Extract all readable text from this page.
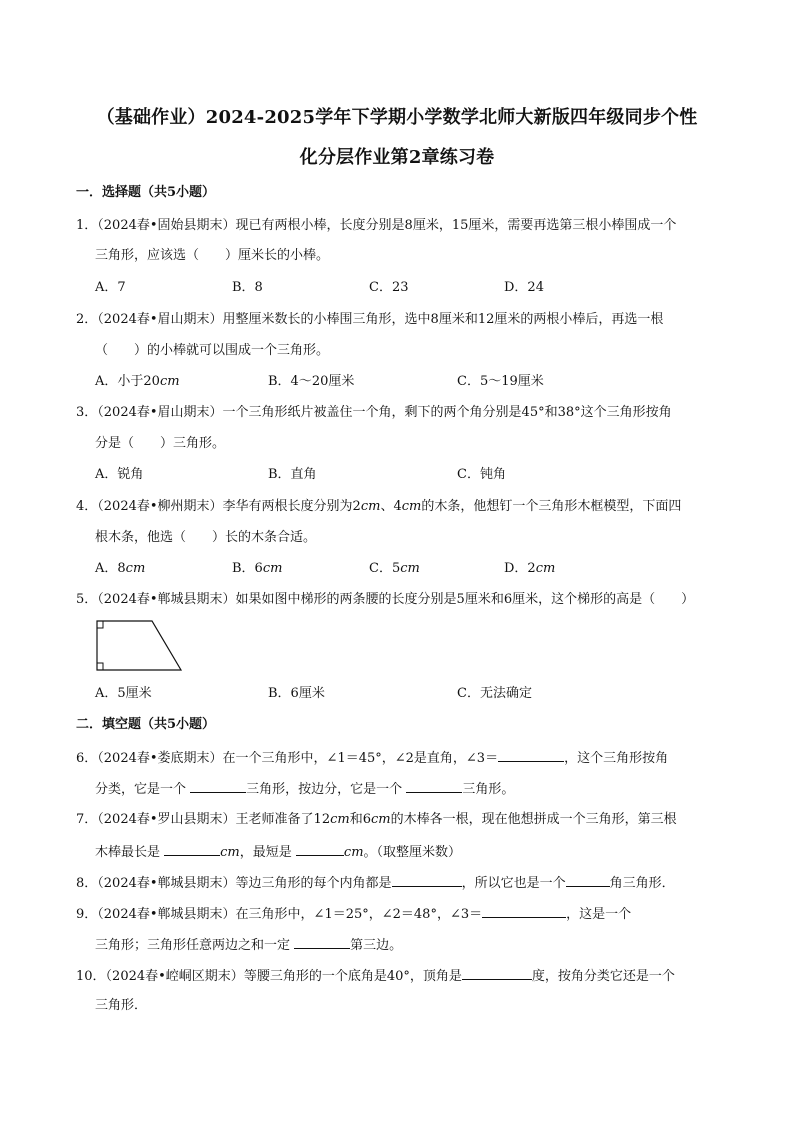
（基础作业）2024-2025学年下学期小学数学北师大新版四年级同步个性
化分层作业第2章练习卷
一．选择题（共5小题）
1．（2024春•固始县期末）现已有两根小棒，长度分别是8厘米，15厘米，需要再选第三根小棒围成一个
三角形，应该选（ ）厘米长的小棒。
A．7	B．8	C．23	D．24
2．（2024春•眉山期末）用整厘米数长的小棒围三角形，选中8厘米和12厘米的两根小棒后，再选一根
（ ）的小棒就可以围成一个三角形。
A．小于20cm	B．4～20厘米	C．5～19厘米
3．（2024春•眉山期末）一个三角形纸片被盖住一个角，剩下的两个角分别是45°和38°这个三角形按角
分是（ ）三角形。
A．锐角	B．直角	C．钝角
4．（2024春•柳州期末）李华有两根长度分别为2cm、4cm的木条，他想钉一个三角形木框模型，下面四
根木条，他选（ ）长的木条合适。
A．8cm	B．6cm	C．5cm	D．2cm
5．（2024春•郸城县期末）如果如图中梯形的两条腰的长度分别是5厘米和6厘米，这个梯形的高是（ ）
A．5厘米	B．6厘米	C．无法确定
二．填空题（共5小题）
6．（2024春•娄底期末）在一个三角形中，∠1＝45°，∠2是直角，∠3＝	，这个三角形按角
分类，它是一个	三角形，按边分，它是一个	三角形。
7．（2024春•罗山县期末）王老师准备了12cm和6cm的木棒各一根，现在他想拼成一个三角形，第三根
木棒最长是	cm，最短是	cm。（取整厘米数）
8．（2024春•郸城县期末）等边三角形的每个内角都是	，所以它也是一个	角三角形．
9．（2024春•郸城县期末）在三角形中，∠1＝25°，∠2＝48°，∠3＝	，这是一个
三角形；三角形任意两边之和一定	第三边。
10．（2024春•崆峒区期末）等腰三角形的一个底角是40°，顶角是	度，按角分类它还是一个
三角形．
